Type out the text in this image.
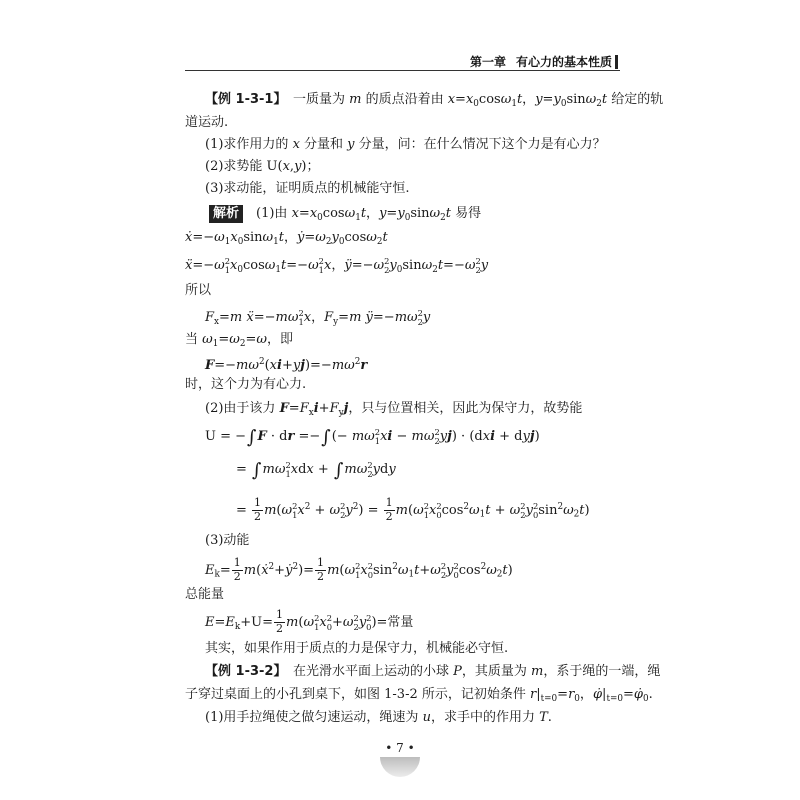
第一章 有心力的基本性质
【例 1-3-1】　一质量为 m 的质点沿着由 $x=x_0\cos\omega_1t$，$y=y_0\sin\omega_2t$ 给定的轨
道运动.
(1)求作用力的 x 分量和 y 分量，问：在什么情况下这个力是有心力？
(2)求势能 U(x,y)；
(3)求动能，证明质点的机械能守恒.
解析　(1)由 $x=x_0\cos\omega_1t$，$y=y_0\sin\omega_2t$ 易得
$ẋ=-\omega_1x_0\sin\omega_1t$，$ẏ=\omega_2y_0\cos\omega_2t$
ẍ=−ω 2
1 $x_0\cos\omega_1t=-\omega$ 2
1 x，ÿ=−ω 2
2 $y_0\sin\omega_2t=-\omega$ 2
2 y
所以
$F_x=m$ ẍ=−mω 2
1 x，$F_y=m$ ÿ=−mω 2
2 y
当 $\omega_1=\omega_2=\omega$，即
$F=-m\omega^2(xi+yj)=-m\omega^2r$
时，这个力为有心力.
(2)由于该力 $F=F_xi+F_yj$，只与位置相关，因此为保守力，故势能
U = −∫F · dr =−∫(− mω 2
1 xi − mω 2
2 yj) · (dxi + dyj)
= ∫mω 2
1 xdx + ∫mω 2
2 ydy
= $\frac{1}{2} m(\omega$ 2
1 $x^2 + \omega$ 2
2 $y^2) = \frac{1}{2} m(\omega$ 2
1 x 2
0 $\cos^2\omega_1t + \omega$ 2
2 y 2
0 $\sin^2\omega_2t$)
(3)动能
$E_k= \frac{1}{2}$ m(ẋ$^2$+ẏ$^2$)= $\frac{1}{2} m(\omega$ 2
1 x 2
0 $\sin^2\omega_1t+\omega$ 2
2 y 2
0 $\cos^2\omega_2t$)
总能量
$E=E_k+U= \frac{1}{2} m(\omega$ 2
1 x 2
0 +ω 2
2 y 2
0 )=常量
其实，如果作用于质点的力是保守力，机械能必守恒.
【例 1-3-2】　在光滑水平面上运动的小球 P，其质量为 m，系于绳的一端，绳
子穿过桌面上的小孔到桌下，如图 1-3-2 所示，记初始条件 $r|_{t=0}=r_0$，$\varphi̇|_{t=0}=\varphi̇_0$.
(1)用手拉绳使之做匀速运动，绳速为 u，求手中的作用力 T.
• 7 •
